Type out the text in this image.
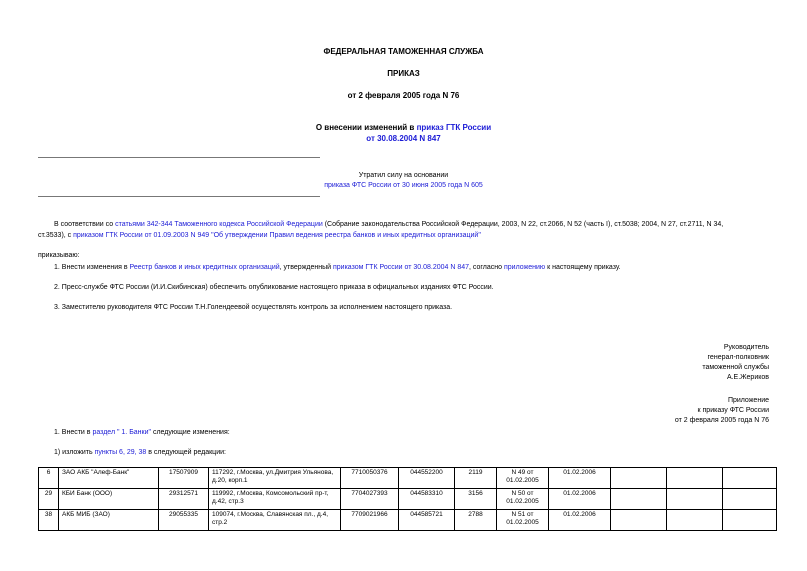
ФЕДЕРАЛЬНАЯ ТАМОЖЕННАЯ СЛУЖБА
ПРИКАЗ
от 2 февраля 2005 года N 76
О внесении изменений в приказ ГТК России
от 30.08.2004 N 847
Утратил силу на основании
приказа ФТС России от 30 июня 2005 года N 605
В соответствии со статьями 342-344 Таможенного кодекса Российской Федерации (Собрание законодательства Российской Федерации, 2003, N 22, ст.2066, N 52 (часть I), ст.5038; 2004, N 27, ст.2711, N 34,
ст.3533), с приказом ГТК России от 01.09.2003 N 949 "Об утверждении Правил ведения реестра банков и иных кредитных организаций"
приказываю:
1. Внести изменения в Реестр банков и иных кредитных организаций, утвержденный приказом ГТК России от 30.08.2004 N 847, согласно приложению к настоящему приказу.
2. Пресс-службе ФТС России (И.И.Скибинская) обеспечить опубликование настоящего приказа в официальных изданиях ФТС России.
3. Заместителю руководителя ФТС России Т.Н.Голендеевой осуществлять контроль за исполнением настоящего приказа.
Руководитель
генерал-полковник
таможенной службы
А.Е.Жериков
Приложение
к приказу ФТС России
от 2 февраля 2005 года N 76
1. Внести в раздел " 1. Банки" следующие изменения:
1) изложить пункты 6, 29, 38 в следующей редакции:
6	ЗАО АКБ "Алеф-Банк"	17507909	117292, г.Москва, ул.Дмитрия Ульянова, д.20, корп.1	7710050376	044552200	2119	N 49 от 01.02.2005	01.02.2006			
29	КБИ Банк (ООО)	29312571	119992, г.Москва, Комсомольский пр-т, д.42, стр.3	7704027393	044583310	3156	N 50 от 01.02.2005	01.02.2006			
38	АКБ МИБ (ЗАО)	29055335	109074, г.Москва, Славянская пл., д.4, стр.2	7709021966	044585721	2788	N 51 от 01.02.2005	01.02.2006			
